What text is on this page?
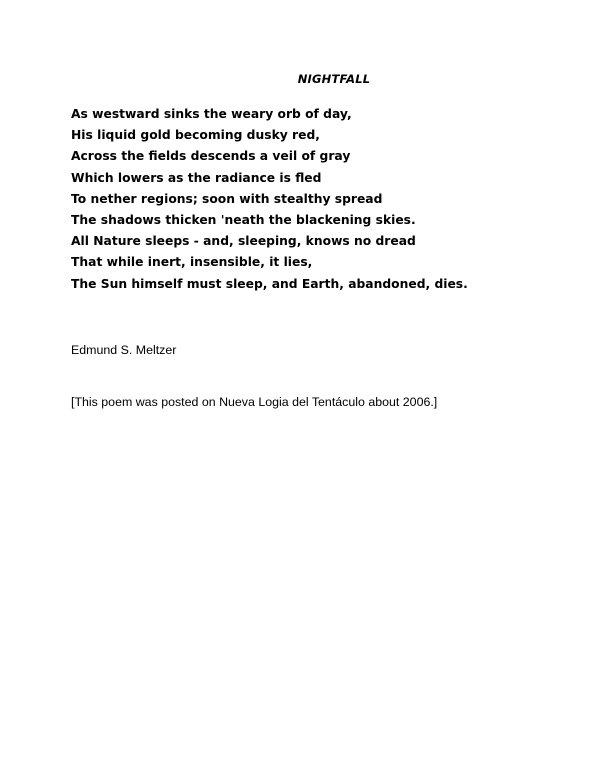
NIGHTFALL
As westward sinks the weary orb of day,
His liquid gold becoming dusky red,
Across the fields descends a veil of gray
Which lowers as the radiance is fled
To nether regions; soon with stealthy spread
The shadows thicken 'neath the blackening skies.
All Nature sleeps - and, sleeping, knows no dread
That while inert, insensible, it lies,
The Sun himself must sleep, and Earth, abandoned, dies.

Edmund S. Meltzer

[This poem was posted on Nueva Logia del Tentáculo about 2006.]
